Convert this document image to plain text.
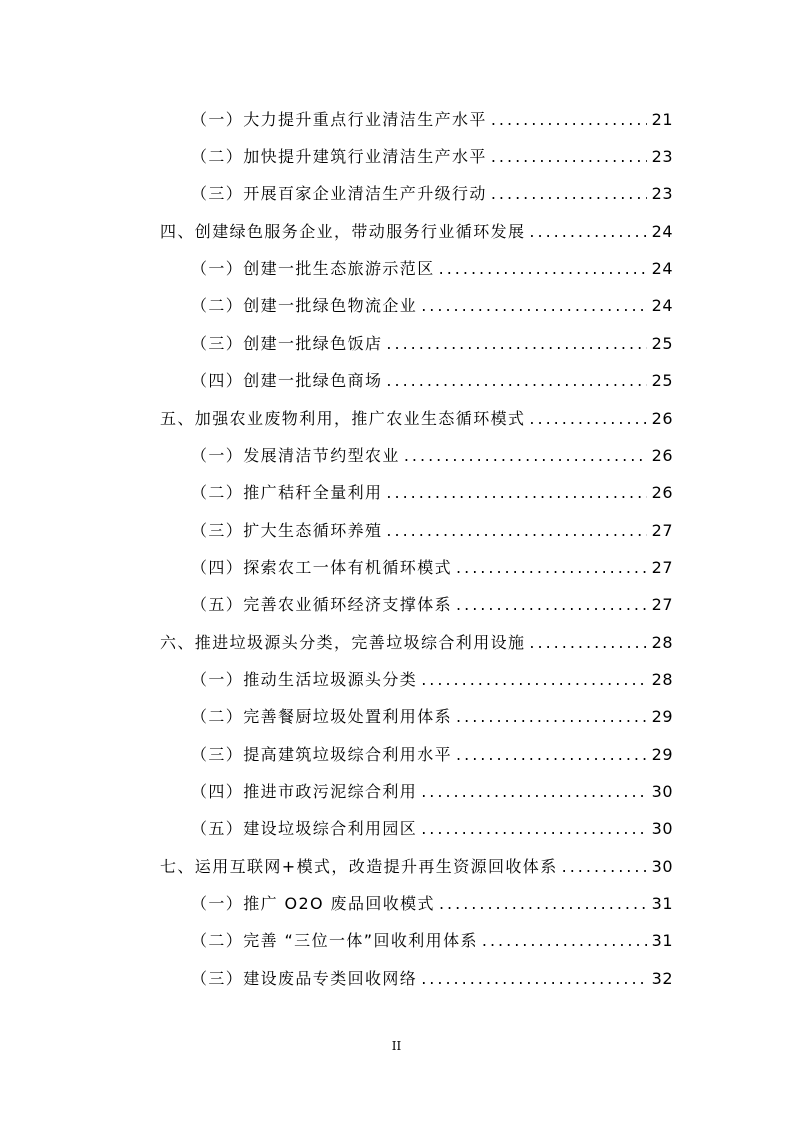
（一）大力提升重点行业清洁生产水平 .....	21
（二）加快提升建筑行业清洁生产水平 .....	23
（三）开展百家企业清洁生产升级行动 .....	23
四、创建绿色服务企业，带动服务行业循环发展 .....	24
（一）创建一批生态旅游示范区 .....	24
（二）创建一批绿色物流企业 .....	24
（三）创建一批绿色饭店 .....	25
（四）创建一批绿色商场 .....	25
五、加强农业废物利用，推广农业生态循环模式 .....	26
（一）发展清洁节约型农业 .....	26
（二）推广秸秆全量利用 .....	26
（三）扩大生态循环养殖 .....	27
（四）探索农工一体有机循环模式 .....	27
（五）完善农业循环经济支撑体系 .....	27
六、推进垃圾源头分类，完善垃圾综合利用设施 .....	28
（一）推动生活垃圾源头分类 .....	28
（二）完善餐厨垃圾处置利用体系 .....	29
（三）提高建筑垃圾综合利用水平 .....	29
（四）推进市政污泥综合利用 .....	30
（五）建设垃圾综合利用园区 .....	30
七、运用互联网+模式，改造提升再生资源回收体系 .....	30
（一）推广 O2O 废品回收模式 .....	31
（二）完善 “三位一体”回收利用体系 .....	31
（三）建设废品专类回收网络 .....	32
II
